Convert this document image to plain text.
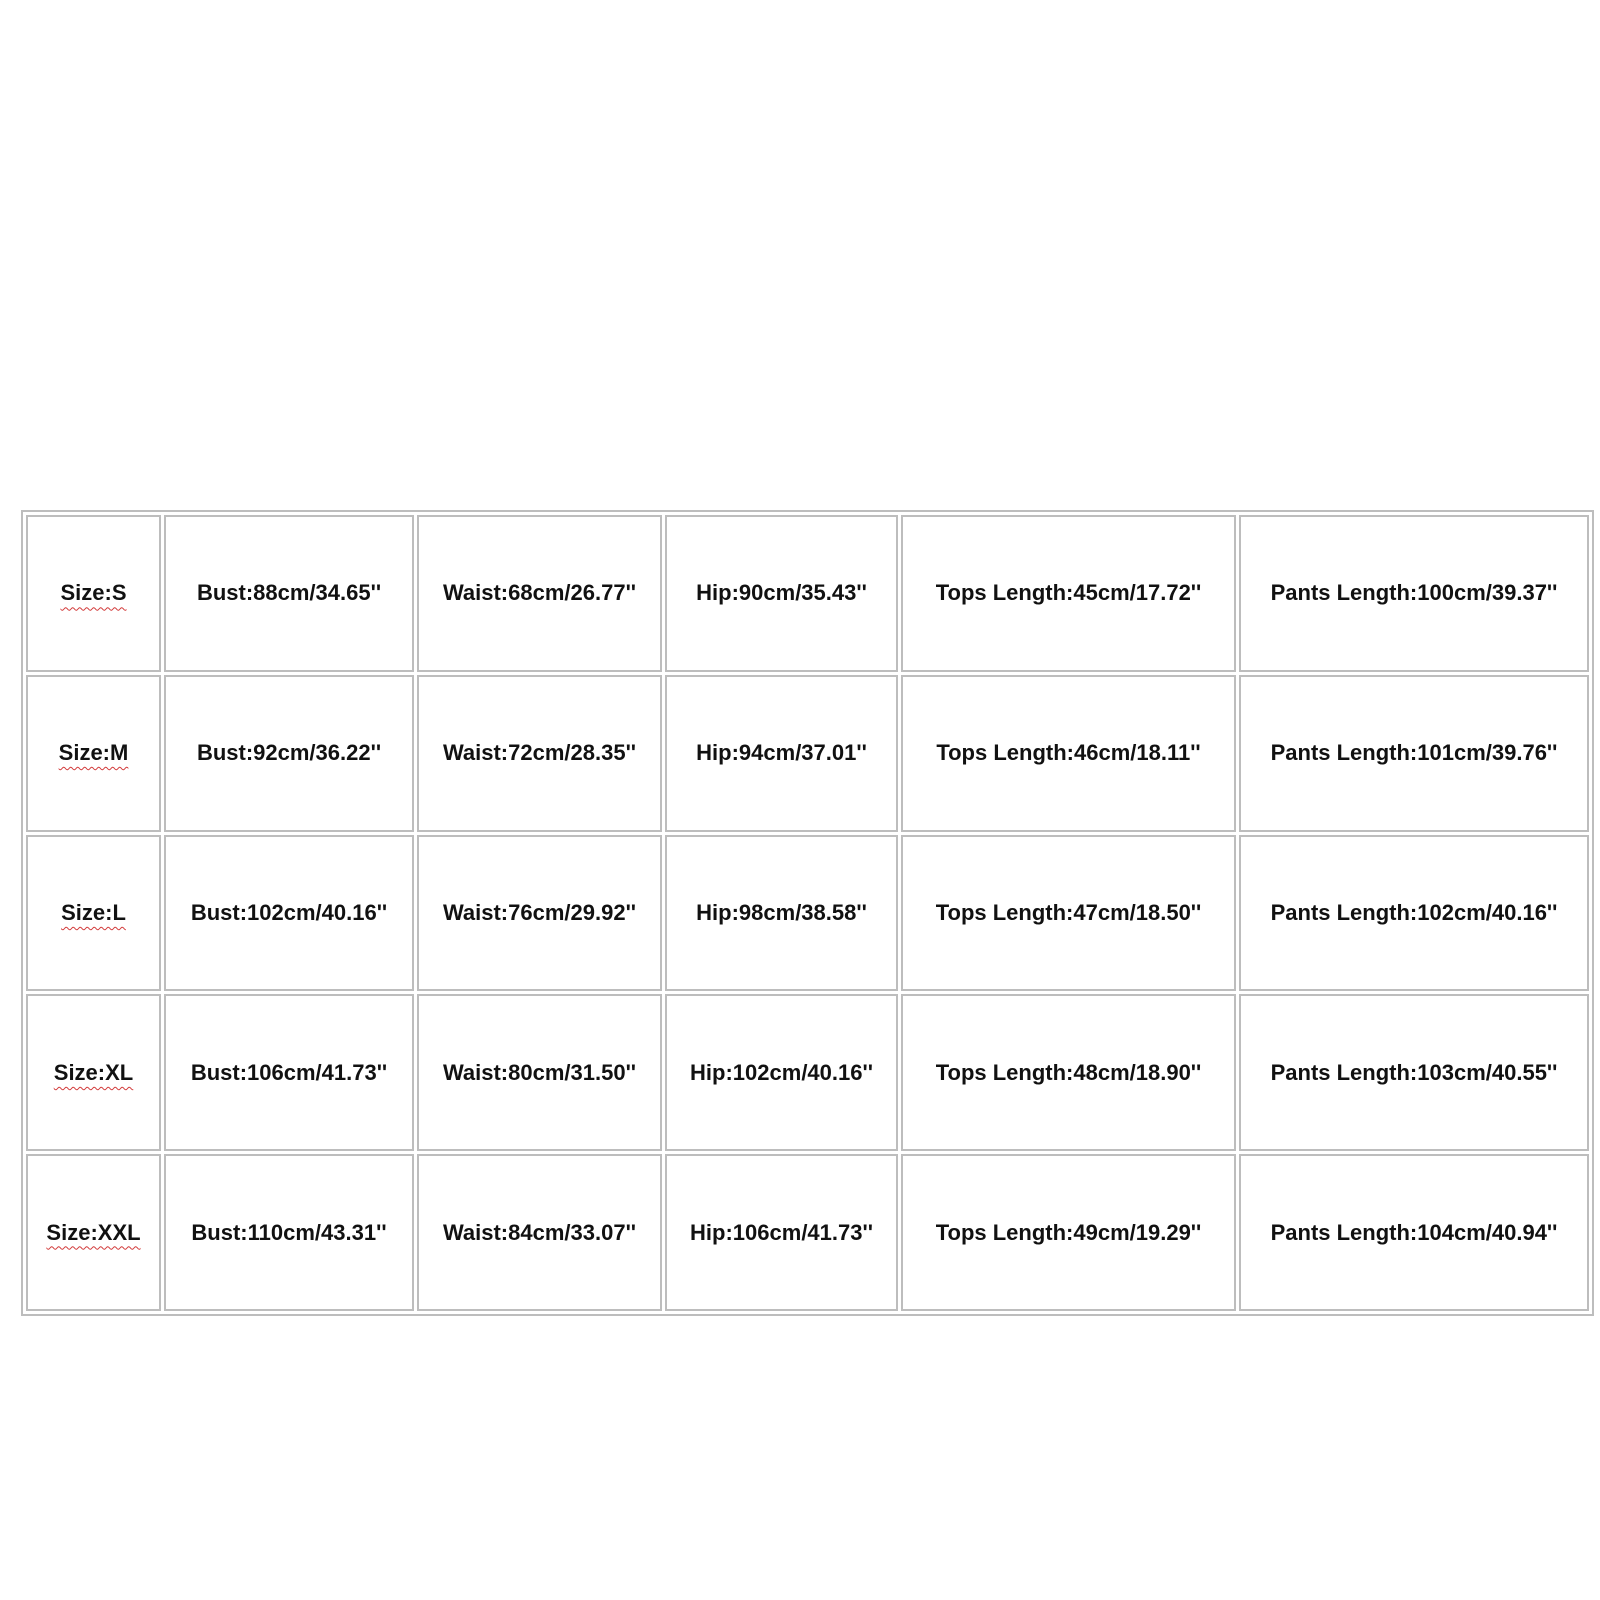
Size:S	Bust:88cm/34.65''	Waist:68cm/26.77''	Hip:90cm/35.43''	Tops Length:45cm/17.72''	Pants Length:100cm/39.37''
Size:M	Bust:92cm/36.22''	Waist:72cm/28.35''	Hip:94cm/37.01''	Tops Length:46cm/18.11''	Pants Length:101cm/39.76''
Size:L	Bust:102cm/40.16''	Waist:76cm/29.92''	Hip:98cm/38.58''	Tops Length:47cm/18.50''	Pants Length:102cm/40.16''
Size:XL	Bust:106cm/41.73''	Waist:80cm/31.50''	Hip:102cm/40.16''	Tops Length:48cm/18.90''	Pants Length:103cm/40.55''
Size:XXL	Bust:110cm/43.31''	Waist:84cm/33.07''	Hip:106cm/41.73''	Tops Length:49cm/19.29''	Pants Length:104cm/40.94''
